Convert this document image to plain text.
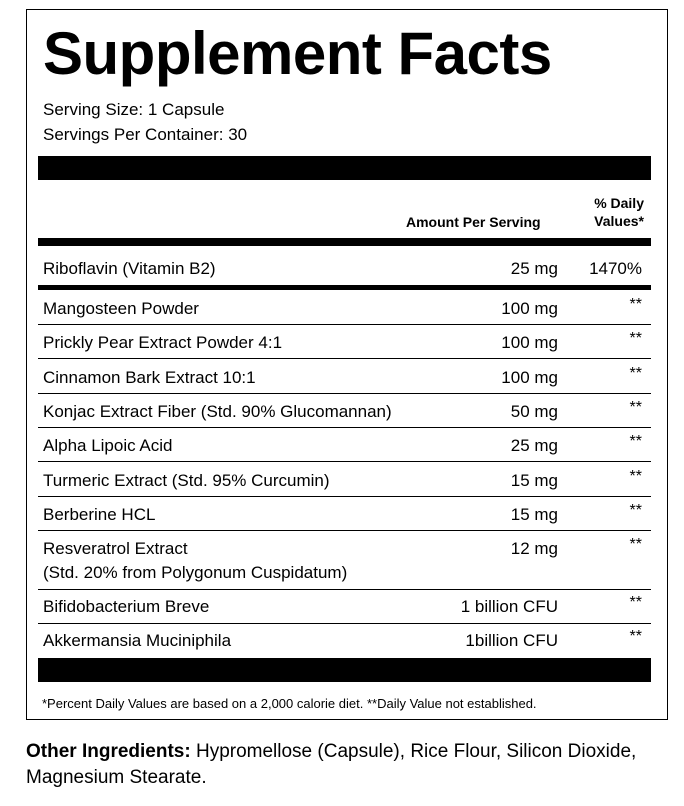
Supplement Facts
Serving Size: 1 Capsule
Servings Per Container: 30
Amount Per Serving
% Daily
Values*
Riboflavin (Vitamin B2)	25 mg 1470%
Mangosteen Powder	100 mg	**
Prickly Pear Extract Powder 4:1	100 mg	**
Cinnamon Bark Extract 10:1	100 mg	**
Konjac Extract Fiber (Std. 90% Glucomannan)	50 mg	**
Alpha Lipoic Acid	25 mg	**
Turmeric Extract (Std. 95% Curcumin)	15 mg	**
Berberine HCL	15 mg	**
Resveratrol Extract
(Std. 20% from Polygonum Cuspidatum)
12 mg	**
Bifidobacterium Breve	1 billion CFU	**
Akkermansia Muciniphila	1billion CFU	**
*Percent Daily Values are based on a 2,000 calorie diet. **Daily Value not established.
Other Ingredients: Hypromellose (Capsule), Rice Flour, Silicon Dioxide, Magnesium Stearate.
